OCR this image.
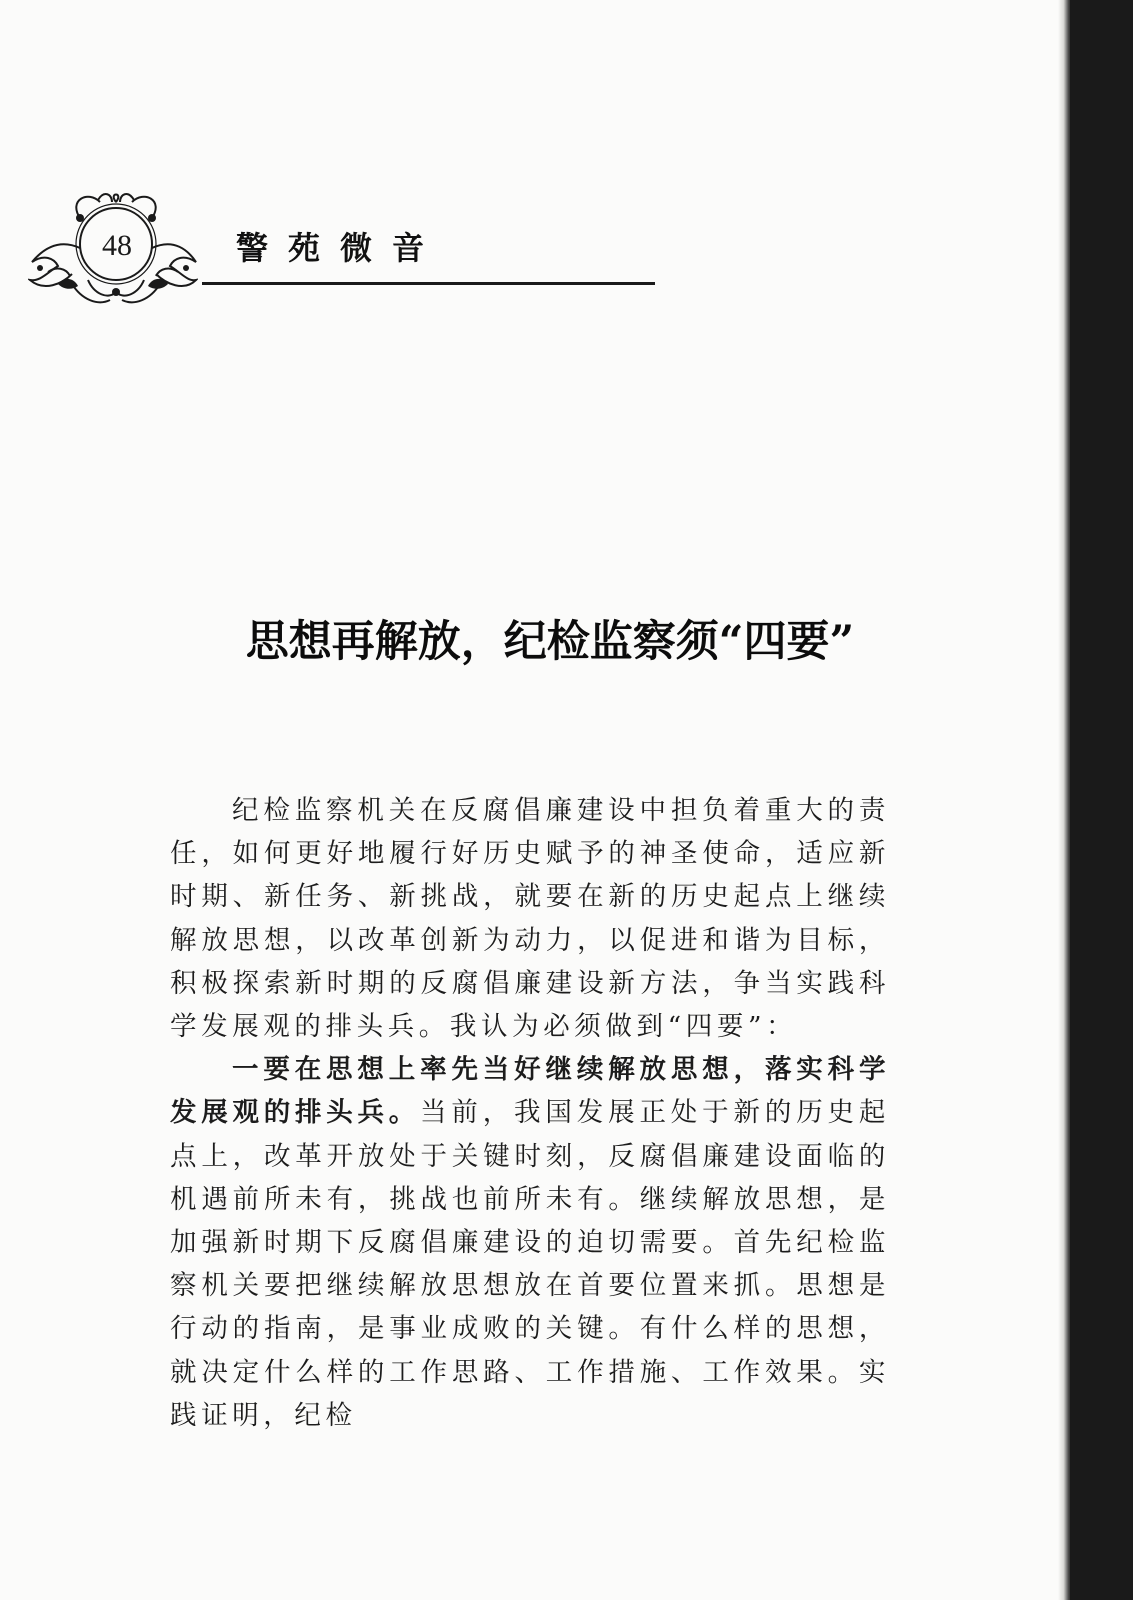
48	警苑微音
思想再解放，纪检监察须“四要”

纪检监察机关在反腐倡廉建设中担负着重大的责任，如何更好地履行好历史赋予的神圣使命，适应新时期、新任务、新挑战，就要在新的历史起点上继续解放思想，以改革创新为动力，以促进和谐为目标，积极探索新时期的反腐倡廉建设新方法，争当实践科学发展观的排头兵。我认为必须做到“四要”：

一要在思想上率先当好继续解放思想，落实科学发展观的排头兵。当前，我国发展正处于新的历史起点上，改革开放处于关键时刻，反腐倡廉建设面临的机遇前所未有，挑战也前所未有。继续解放思想，是加强新时期下反腐倡廉建设的迫切需要。首先纪检监察机关要把继续解放思想放在首要位置来抓。思想是行动的指南，是事业成败的关键。有什么样的思想，就决定什么样的工作思路、工作措施、工作效果。实践证明，纪检
